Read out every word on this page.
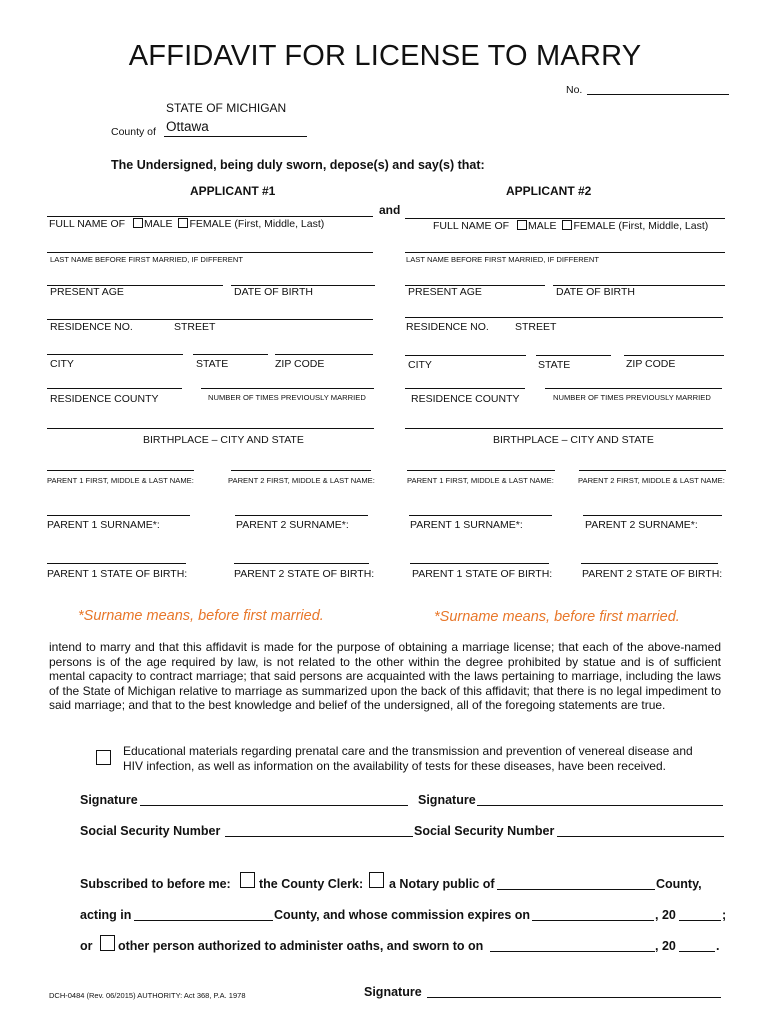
AFFIDAVIT FOR LICENSE TO MARRY
No.
STATE OF MICHIGAN
County of Ottawa
The Undersigned, being duly sworn, depose(s) and say(s) that:
APPLICANT #1
FULL NAME OF MALE FEMALE (First, Middle, Last)
LAST NAME BEFORE FIRST MARRIED, IF DIFFERENT
PRESENT AGE	DATE OF BIRTH
RESIDENCE NO.	STREET
CITY	STATE	ZIP CODE
RESIDENCE COUNTY	NUMBER OF TIMES PREVIOUSLY MARRIED
BIRTHPLACE – CITY AND STATE
PARENT 1 FIRST, MIDDLE & LAST NAME:	PARENT 2 FIRST, MIDDLE & LAST NAME:
PARENT 1 SURNAME*:	PARENT 2 SURNAME*:
PARENT 1 STATE OF BIRTH:	PARENT 2 STATE OF BIRTH:
*Surname means, before first married.
and
APPLICANT #2
FULL NAME OF MALE FEMALE (First, Middle, Last)
LAST NAME BEFORE FIRST MARRIED, IF DIFFERENT
PRESENT AGE	DATE OF BIRTH
RESIDENCE NO. STREET
CITY	STATE	ZIP CODE
RESIDENCE COUNTY	NUMBER OF TIMES PREVIOUSLY MARRIED
BIRTHPLACE – CITY AND STATE
PARENT 1 FIRST, MIDDLE & LAST NAME:	PARENT 2 FIRST, MIDDLE & LAST NAME:
PARENT 1 SURNAME*:	PARENT 2 SURNAME*:
PARENT 1 STATE OF BIRTH:	PARENT 2 STATE OF BIRTH:
*Surname means, before first married.
intend to marry and that this affidavit is made for the purpose of obtaining a marriage license; that each of the above-named persons is of the age required by law, is not related to the other within the degree prohibited by statue and is of sufficient mental capacity to contract marriage; that said persons are acquainted with the laws pertaining to marriage, including the laws of the State of Michigan relative to marriage as summarized upon the back of this affidavit; that there is no legal impediment to said marriage; and that to the best knowledge and belief of the undersigned, all of the foregoing statements are true.
Educational materials regarding prenatal care and the transmission and prevention of venereal disease and
HIV infection, as well as information on the availability of tests for these diseases, have been received.
Signature	Signature
Social Security Number	Social Security Number
Subscribed to before me: the County Clerk: a Notary public of	County,
acting in	County, and whose commission expires on	, 20	;
or other person authorized to administer oaths, and sworn to on	, 20	.
DCH-0484 (Rev. 06/2015) AUTHORITY: Act 368, P.A. 1978	Signature
